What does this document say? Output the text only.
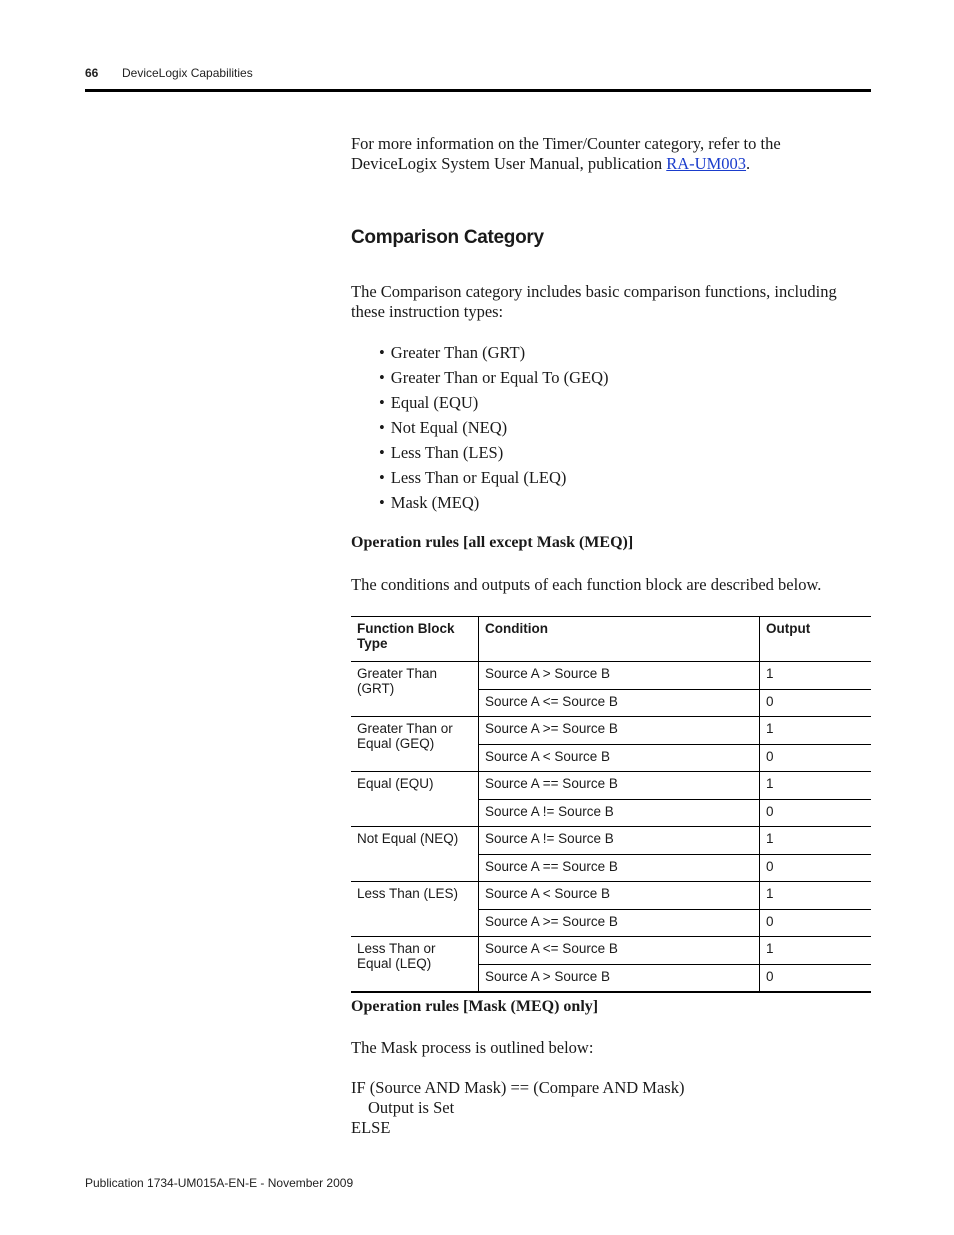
66 DeviceLogix Capabilities

For more information on the Timer/Counter category, refer to the DeviceLogix System User Manual, publication RA-UM003.

Comparison Category

The Comparison category includes basic comparison functions, including these instruction types:

• Greater Than (GRT)
• Greater Than or Equal To (GEQ)
• Equal (EQU)
• Not Equal (NEQ)
• Less Than (LES)
• Less Than or Equal (LEQ)
• Mask (MEQ)
Operation rules [all except Mask (MEQ)]

The conditions and outputs of each function block are described below.

Function Block Type	Condition	Output
Greater Than (GRT)	Source A > Source B	1
	Source A <= Source B	0
Greater Than or Equal (GEQ)	Source A >= Source B	1
	Source A < Source B	0
Equal (EQU)	Source A == Source B	1
	Source A != Source B	0
Not Equal (NEQ)	Source A != Source B	1
	Source A == Source B	0
Less Than (LES)	Source A < Source B	1
	Source A >= Source B	0
Less Than or Equal (LEQ)	Source A <= Source B	1
	Source A > Source B	0
Operation rules [Mask (MEQ) only]

The Mask process is outlined below:

IF (Source AND Mask) == (Compare AND Mask)
Output is Set
ELSE
Publication 1734-UM015A-EN-E - November 2009
